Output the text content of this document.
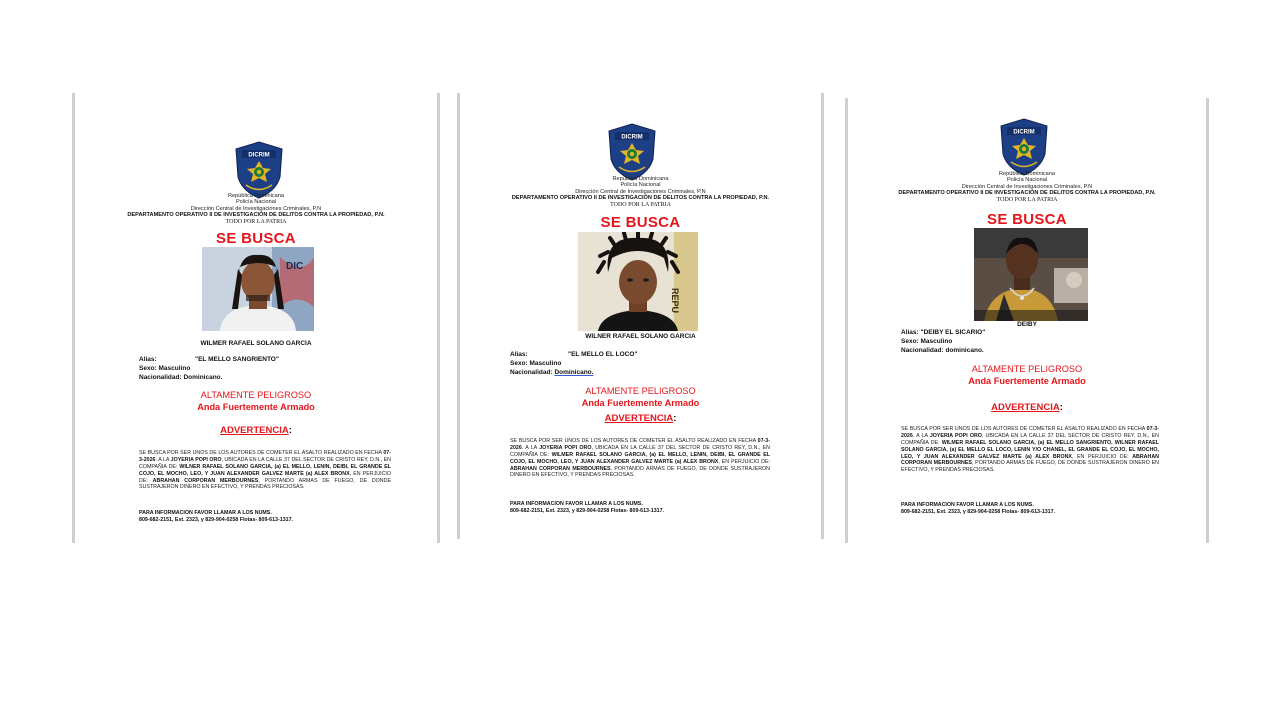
DICRIM
República Dominicana
Policía Nacional
Dirección Central de Investigaciones Criminales, P.N
DEPARTAMENTO OPERATIVO II DE INVESTIGACIÓN DE DELITOS CONTRA LA PROPIEDAD, P.N.
TODO POR LA PATRIA
SE BUSCA
DIC
WILMER RAFAEL SOLANO GARCIA
Alias:	"EL MELLO SANGRIENTO"
Sexo: Masculino
Nacionalidad: Dominicano.
ALTAMENTE PELIGROSO
Anda Fuertemente Armado
ADVERTENCIA:
SE BUSCA POR SER UNOS DE LOS AUTORES DE COMETER EL ASALTO REALIZADO EN FECHA 07-3-2026. A LA JOYERIA POPI ORO, UBICADA EN LA CALLE 37 DEL SECTOR DE CRISTO REY, D.N., EN COMPAÑIA DE: WILNER RAFAEL SOLANO GARCIA, (a) EL MELLO, LENIN, DEIBI, EL GRANDE EL COJO, EL MOCHO, LEO, Y JUAN ALEXANDER GALVEZ MARTE (a) ALEX BRONX, EN PERJUICIO DE: ABRAHAN CORPORAN MERBOURNES, PORTANDO ARMAS DE FUEGO, DE DONDE SUSTRAJERON DINERO EN EFECTIVO, Y PRENDAS PRECIOSAS.
PARA INFORMACION FAVOR LLAMAR A LOS NUMS.
809-682-2151, Ext. 2323, y 829-904-0258 Flotas- 809-613-1317.
DICRIM
República Dominicana
Policía Nacional
Dirección Central de Investigaciones Criminales, P.N
DEPARTAMENTO OPERATIVO II DE INVESTIGACIÓN DE DELITOS CONTRA LA PROPIEDAD, P.N.
TODO POR LA PATRIA
SE BUSCA
REPU
WILNER RAFAEL SOLANO GARCIA
Alias:	"EL MELLO EL LOCO"
Sexo: Masculino
Nacionalidad: Dominicano.
ALTAMENTE PELIGROSO
Anda Fuertemente Armado
ADVERTENCIA:
SE BUSCA POR SER UNOS DE LOS AUTORES DE COMETER EL ASALTO REALIZADO EN FECHA 07-3-2026. A LA JOYERIA POPI ORO, UBICADA EN LA CALLE 37 DEL SECTOR DE CRISTO REY, D.N., EN COMPAÑIA DE: WILMER RAFAEL SOLANO GARCIA, (a) EL MELLO, LENIN, DEIBI, EL GRANDE EL COJO, EL MOCHO, LEO, Y JUAN ALEXANDER GALVEZ MARTE (a) ALEX BRONX, EN PERJUICIO DE: ABRAHAN CORPORAN MERBOURNES, PORTANDO ARMAS DE FUEGO, DE DONDE SUSTRAJERON DINERO EN EFECTIVO, Y PRENDAS PRECIOSAS.
PARA INFORMACION FAVOR LLAMAR A LOS NUMS.
809-682-2151, Ext. 2323, y 829-904-0258 Flotas- 809-613-1317.
DICRIM
República Dominicana
Policía Nacional
Dirección Central de Investigaciones Criminales, P.N
DEPARTAMENTO OPERATIVO II DE INVESTIGACIÓN DE DELITOS CONTRA LA PROPIEDAD, P.N.
TODO POR LA PATRIA
SE BUSCA
DEIBY
Alias: "DEIBY EL SICARIO"
Sexo: Masculino
Nacionalidad: dominicano.
ALTAMENTE PELIGROSO
Anda Fuertemente Armado
ADVERTENCIA:
SE BUSCA POR SER UNOS DE LOS AUTORES DE COMETER EL ASALTO REALIZADO EN FECHA 07-3-2026. A LA JOYERIA POPI ORO, UBICADA EN LA CALLE 37 DEL SECTOR DE CRISTO REY, D.N., EN COMPAÑIA DE: WILMER RAFAEL SOLANO GARCIA, (a) EL MELLO SANGRIENTO, WILNER RAFAEL SOLANO GARCIA, (a) EL MELLO EL LOCO, LENIN Y/O CHANEL, EL GRANDE EL COJO, EL MOCHO, LEO, Y JUAN ALEXANDER GALVEZ MARTE (a) ALEX BRONX, EN PERJUICIO DE: ABRAHAN CORPORAN MERBOURNES, PORTANDO ARMAS DE FUEGO, DE DONDE SUSTRAJERON DINERO EN EFECTIVO, Y PRENDAS PRECIOSAS.
PARA INFORMACION FAVOR LLAMAR A LOS NUMS.
809-682-2151, Ext. 2323, y 829-904-0258 Flotas- 809-613-1317.
